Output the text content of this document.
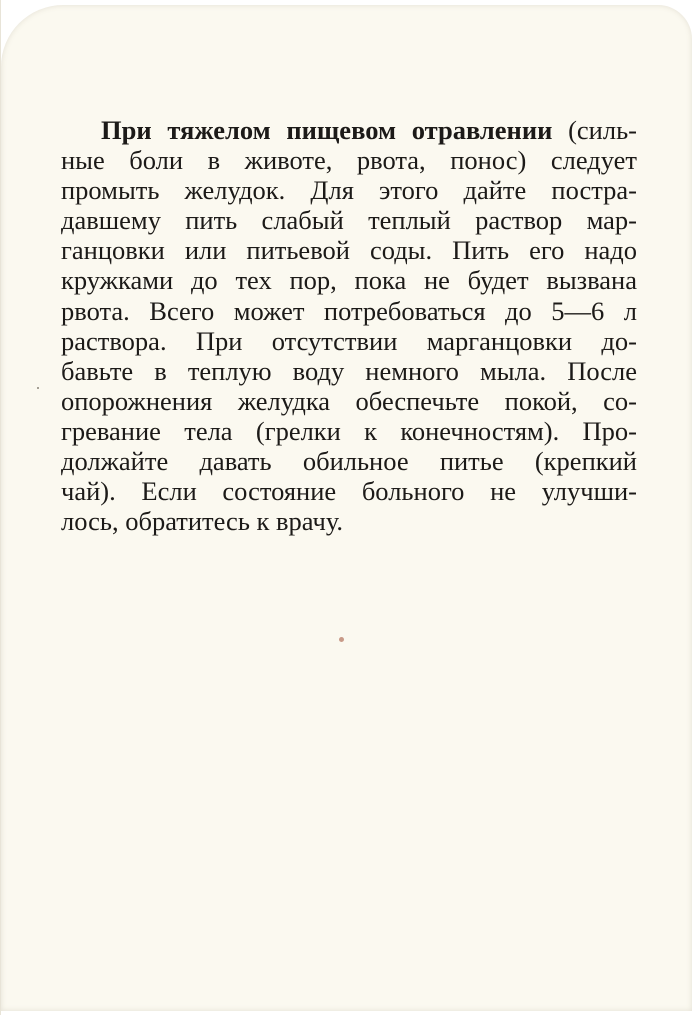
При тяжелом пищевом отравлении (силь-
ные боли в животе, рвота, понос) следует
промыть желудок. Для этого дайте постра-
давшему пить слабый теплый раствор мар-
ганцовки или питьевой соды. Пить его надо
кружками до тех пор, пока не будет вызвана
рвота. Всего может потребоваться до 5—6 л
раствора. При отсутствии марганцовки до-
бавьте в теплую воду немного мыла. После
опорожнения желудка обеспечьте покой, со-
гревание тела (грелки к конечностям). Про-
должайте давать обильное питье (крепкий
чай). Если состояние больного не улучши-
лось, обратитесь к врачу.
